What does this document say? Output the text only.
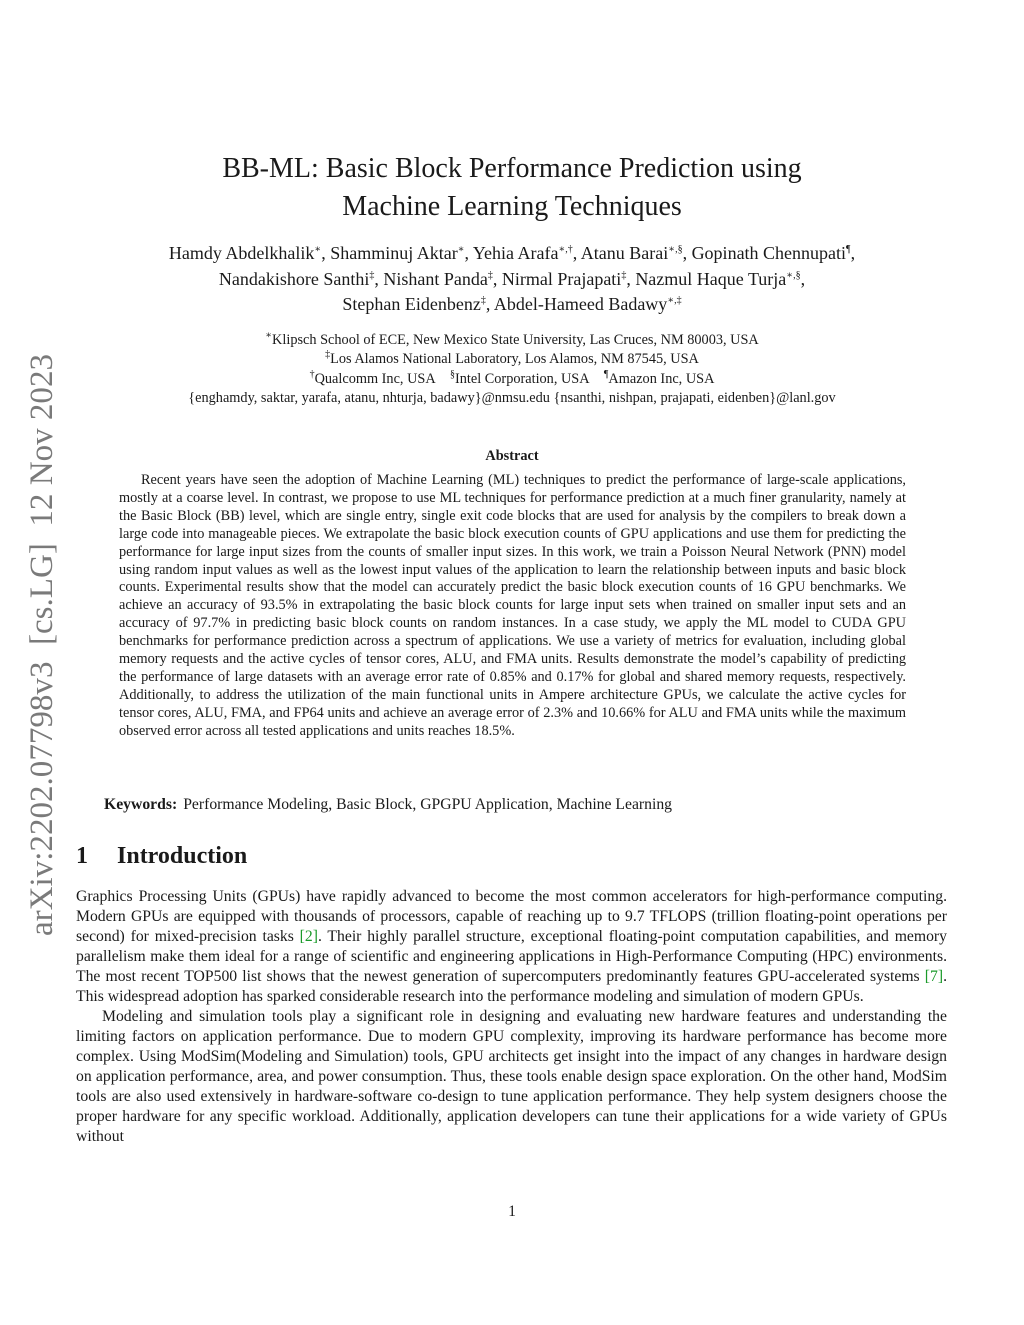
arXiv:2202.07798v3  [cs.LG]  12 Nov 2023
BB-ML: Basic Block Performance Prediction using
Machine Learning Techniques
Hamdy Abdelkhalik∗, Shamminuj Aktar∗, Yehia Arafa∗,†, Atanu Barai∗,§, Gopinath Chennupati¶,
Nandakishore Santhi‡, Nishant Panda‡, Nirmal Prajapati‡, Nazmul Haque Turja∗,§,
Stephan Eidenbenz‡, Abdel-Hameed Badawy∗,‡
∗Klipsch School of ECE, New Mexico State University, Las Cruces, NM 80003, USA
‡Los Alamos National Laboratory, Los Alamos, NM 87545, USA
†Qualcomm Inc, USA §Intel Corporation, USA ¶Amazon Inc, USA
{enghamdy, saktar, yarafa, atanu, nhturja, badawy}@nmsu.edu {nsanthi, nishpan, prajapati, eidenben}@lanl.gov
Abstract

Recent years have seen the adoption of Machine Learning (ML) techniques to predict the performance of large-scale applications, mostly at a coarse level. In contrast, we propose to use ML techniques for performance prediction at a much finer granularity, namely at the Basic Block (BB) level, which are single entry, single exit code blocks that are used for analysis by the compilers to break down a large code into manageable pieces. We extrapolate the basic block execution counts of GPU applications and use them for predicting the performance for large input sizes from the counts of smaller input sizes. In this work, we train a Poisson Neural Network (PNN) model using random input values as well as the lowest input values of the application to learn the relationship between inputs and basic block counts. Experimental results show that the model can accurately predict the basic block execution counts of 16 GPU benchmarks. We achieve an accuracy of 93.5% in extrapolating the basic block counts for large input sets when trained on smaller input sets and an accuracy of 97.7% in predicting basic block counts on random instances. In a case study, we apply the ML model to CUDA GPU benchmarks for performance prediction across a spectrum of applications. We use a variety of metrics for evaluation, including global memory requests and the active cycles of tensor cores, ALU, and FMA units. Results demonstrate the model’s capability of predicting the performance of large datasets with an average error rate of 0.85% and 0.17% for global and shared memory requests, respectively. Additionally, to address the utilization of the main functional units in Ampere architecture GPUs, we calculate the active cycles for tensor cores, ALU, FMA, and FP64 units and achieve an average error of 2.3% and 10.66% for ALU and FMA units while the maximum observed error across all tested applications and units reaches 18.5%.

Keywords: Performance Modeling, Basic Block, GPGPU Application, Machine Learning
1 Introduction

Graphics Processing Units (GPUs) have rapidly advanced to become the most common accelerators for high-performance computing. Modern GPUs are equipped with thousands of processors, capable of reaching up to 9.7 TFLOPS (trillion floating-point operations per second) for mixed-precision tasks [2]. Their highly parallel structure, exceptional floating-point computation capabilities, and memory parallelism make them ideal for a range of scientific and engineering applications in High-Performance Computing (HPC) environments. The most recent TOP500 list shows that the newest generation of supercomputers predominantly features GPU-accelerated systems [7]. This widespread adoption has sparked considerable research into the performance modeling and simulation of modern GPUs.

Modeling and simulation tools play a significant role in designing and evaluating new hardware features and understanding the limiting factors on application performance. Due to modern GPU complexity, improving its hardware performance has become more complex. Using ModSim(Modeling and Simulation) tools, GPU architects get insight into the impact of any changes in hardware design on application performance, area, and power consumption. Thus, these tools enable design space exploration. On the other hand, ModSim tools are also used extensively in hardware-software co-design to tune application performance. They help system designers choose the proper hardware for any specific workload. Additionally, application developers can tune their applications for a wide variety of GPUs without

1
